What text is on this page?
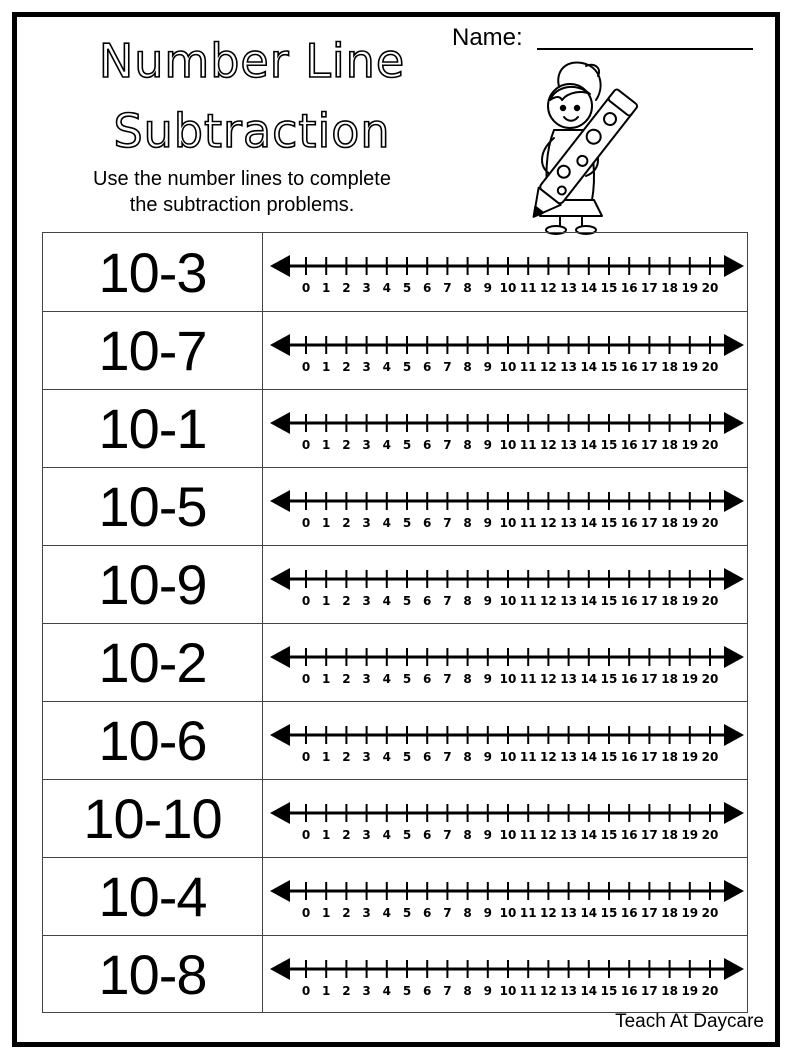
Number Line
Subtraction
Use the number lines to complete
the subtraction problems.
Name:
10-3	0 1 2 3 4 5 6 7 8 9 10 11 12 13 14 15 16 17 18 19 20
10-7	0 1 2 3 4 5 6 7 8 9 10 11 12 13 14 15 16 17 18 19 20
10-1	0 1 2 3 4 5 6 7 8 9 10 11 12 13 14 15 16 17 18 19 20
10-5	0 1 2 3 4 5 6 7 8 9 10 11 12 13 14 15 16 17 18 19 20
10-9	0 1 2 3 4 5 6 7 8 9 10 11 12 13 14 15 16 17 18 19 20
10-2	0 1 2 3 4 5 6 7 8 9 10 11 12 13 14 15 16 17 18 19 20
10-6	0 1 2 3 4 5 6 7 8 9 10 11 12 13 14 15 16 17 18 19 20
10-10	0 1 2 3 4 5 6 7 8 9 10 11 12 13 14 15 16 17 18 19 20
10-4	0 1 2 3 4 5 6 7 8 9 10 11 12 13 14 15 16 17 18 19 20
10-8	0 1 2 3 4 5 6 7 8 9 10 11 12 13 14 15 16 17 18 19 20
Teach At Daycare
